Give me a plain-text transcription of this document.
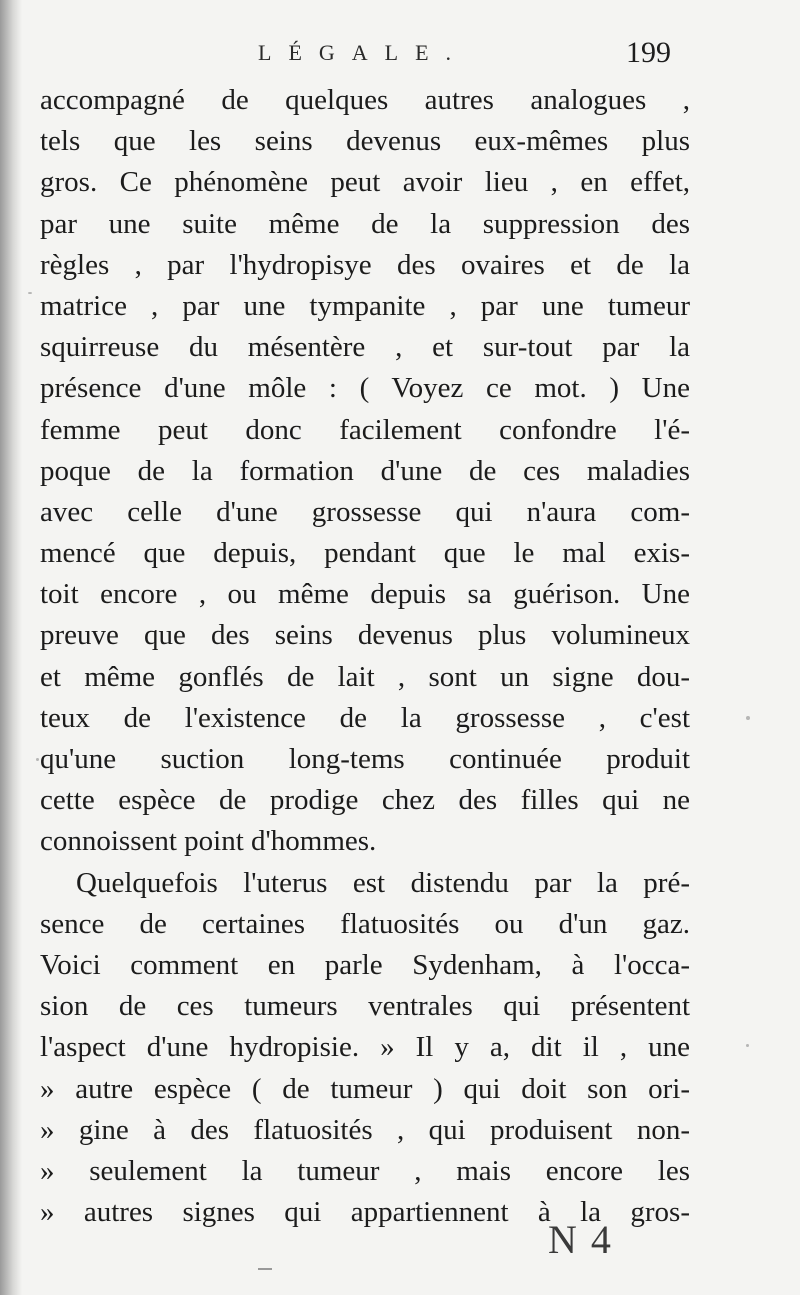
LÉGALE.	199
accompagné de quelques autres analogues ,
tels que les seins devenus eux-mêmes plus
gros. Ce phénomène peut avoir lieu , en effet,
par une suite même de la suppression des
règles , par l'hydropisye des ovaires et de la
matrice , par une tympanite , par une tumeur
squirreuse du mésentère , et sur-tout par la
présence d'une môle : ( Voyez ce mot. ) Une
femme peut donc facilement confondre l'é-
poque de la formation d'une de ces maladies
avec celle d'une grossesse qui n'aura com-
mencé que depuis, pendant que le mal exis-
toit encore , ou même depuis sa guérison. Une
preuve que des seins devenus plus volumineux
et même gonflés de lait , sont un signe dou-
teux de l'existence de la grossesse , c'est
qu'une suction long-tems continuée produit
cette espèce de prodige chez des filles qui ne
connoissent point d'hommes.
Quelquefois l'uterus est distendu par la pré-
sence de certaines flatuosités ou d'un gaz.
Voici comment en parle Sydenham, à l'occa-
sion de ces tumeurs ventrales qui présentent
l'aspect d'une hydropisie. » Il y a, dit il , une
» autre espèce ( de tumeur ) qui doit son ori-
» gine à des flatuosités , qui produisent non-
» seulement la tumeur , mais encore les
» autres signes qui appartiennent à la gros-
N 4
